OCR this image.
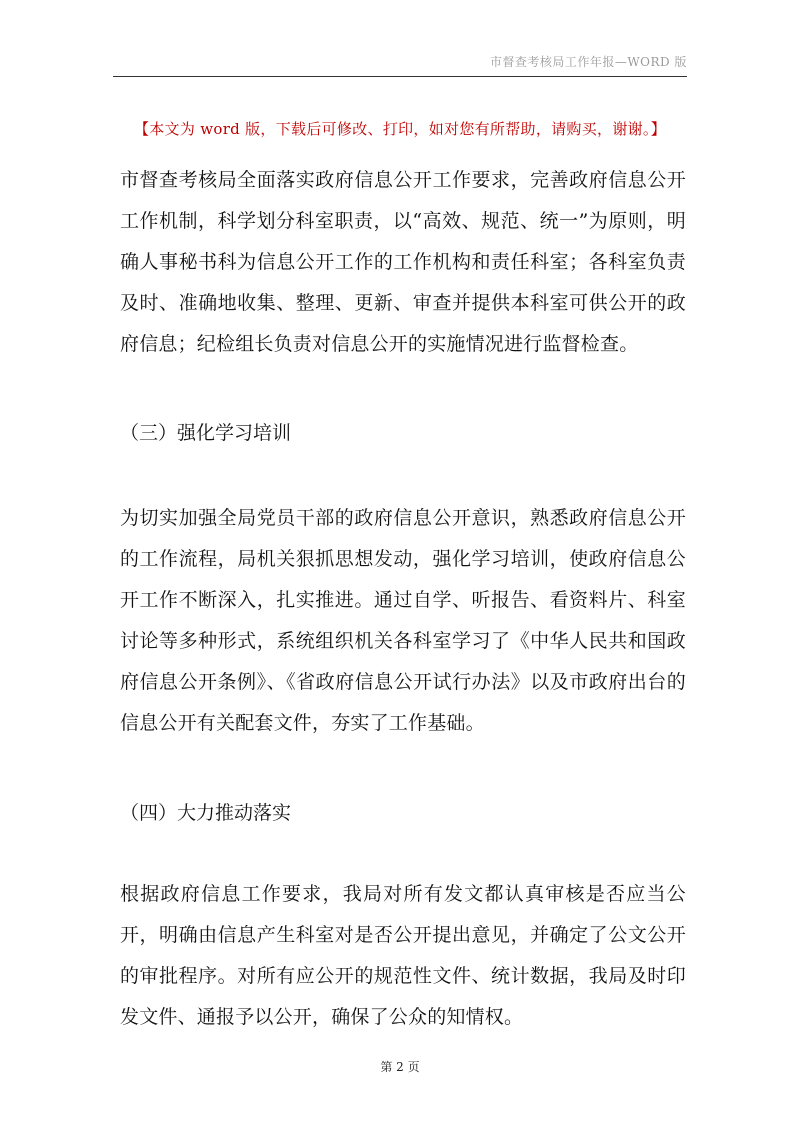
市督查考核局工作年报—WORD 版
【本文为 word 版，下载后可修改、打印，如对您有所帮助，请购买，谢谢。】
市督查考核局全面落实政府信息公开工作要求，完善政府信息公开工作机制，科学划分科室职责，以“高效、规范、统一”为原则，明确人事秘书科为信息公开工作的工作机构和责任科室；各科室负责及时、准确地收集、整理、更新、审查并提供本科室可供公开的政府信息；纪检组长负责对信息公开的实施情况进行监督检查。
（三）强化学习培训
为切实加强全局党员干部的政府信息公开意识，熟悉政府信息公开的工作流程，局机关狠抓思想发动，强化学习培训，使政府信息公开工作不断深入，扎实推进。通过自学、听报告、看资料片、科室讨论等多种形式，系统组织机关各科室学习了《中华人民共和国政府信息公开条例》、《省政府信息公开试行办法》以及市政府出台的信息公开有关配套文件，夯实了工作基础。
（四）大力推动落实
根据政府信息工作要求，我局对所有发文都认真审核是否应当公开，明确由信息产生科室对是否公开提出意见，并确定了公文公开的审批程序。对所有应公开的规范性文件、统计数据，我局及时印发文件、通报予以公开，确保了公众的知情权。
第 2 页
